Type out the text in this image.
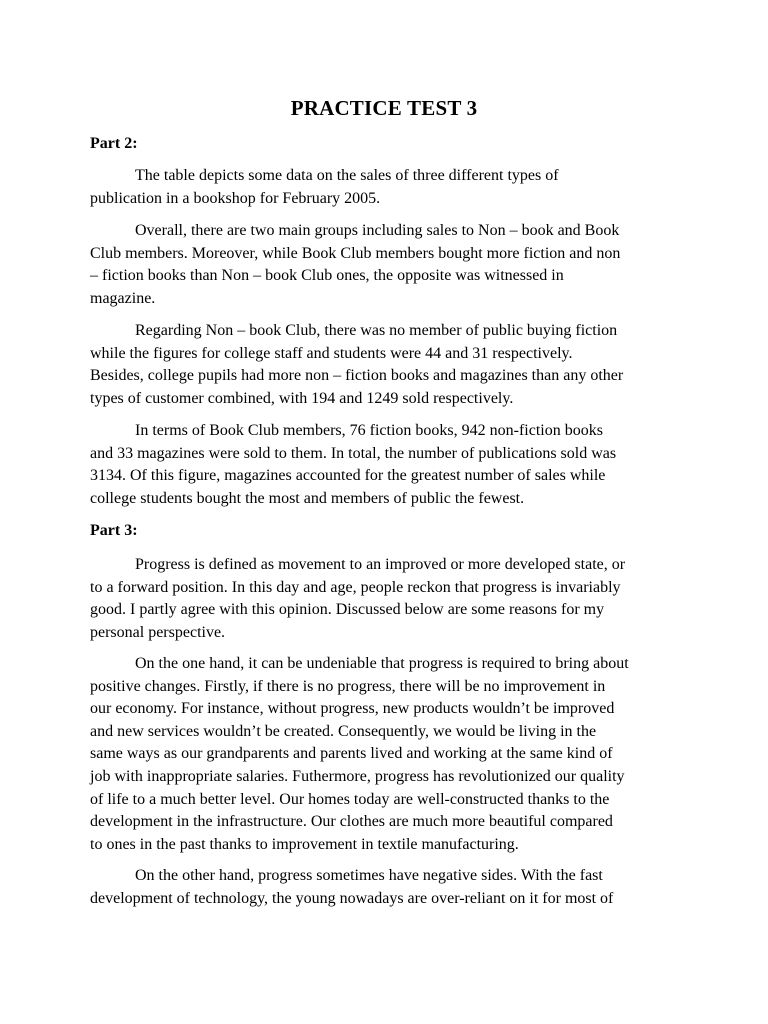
PRACTICE TEST 3
Part 2:
The table depicts some data on the sales of three different types of
publication in a bookshop for February 2005.
Overall, there are two main groups including sales to Non – book and Book
Club members. Moreover, while Book Club members bought more fiction and non
– fiction books than Non – book Club ones, the opposite was witnessed in
magazine.
Regarding Non – book Club, there was no member of public buying fiction
while the figures for college staff and students were 44 and 31 respectively.
Besides, college pupils had more non – fiction books and magazines than any other
types of customer combined, with 194 and 1249 sold respectively.
In terms of Book Club members, 76 fiction books, 942 non-fiction books
and 33 magazines were sold to them. In total, the number of publications sold was
3134. Of this figure, magazines accounted for the greatest number of sales while
college students bought the most and members of public the fewest.
Part 3:
Progress is defined as movement to an improved or more developed state, or
to a forward position. In this day and age, people reckon that progress is invariably
good. I partly agree with this opinion. Discussed below are some reasons for my
personal perspective.
On the one hand, it can be undeniable that progress is required to bring about
positive changes. Firstly, if there is no progress, there will be no improvement in
our economy. For instance, without progress, new products wouldn’t be improved
and new services wouldn’t be created. Consequently, we would be living in the
same ways as our grandparents and parents lived and working at the same kind of
job with inappropriate salaries. Futhermore, progress has revolutionized our quality
of life to a much better level. Our homes today are well-constructed thanks to the
development in the infrastructure. Our clothes are much more beautiful compared
to ones in the past thanks to improvement in textile manufacturing.
On the other hand, progress sometimes have negative sides. With the fast
development of technology, the young nowadays are over-reliant on it for most of
